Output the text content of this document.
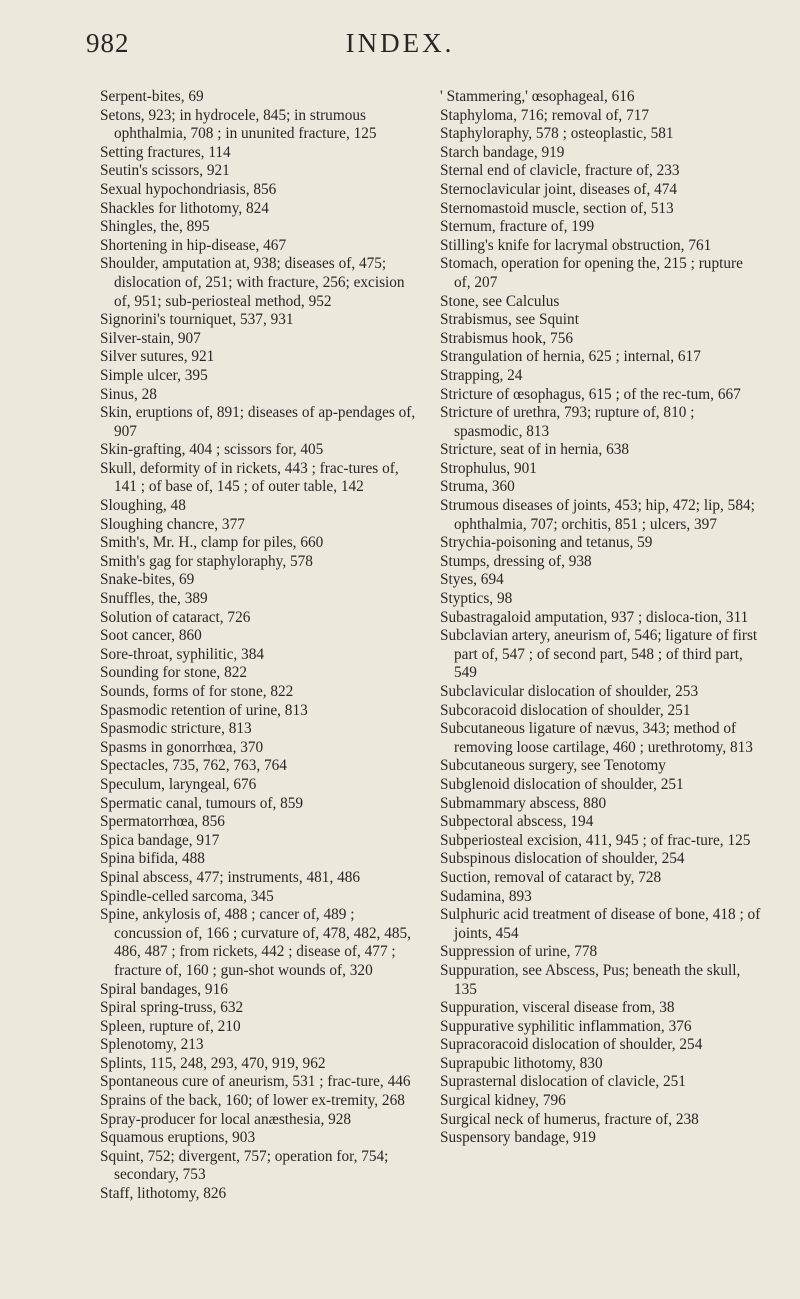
982	INDEX.

Serpent-bites, 69

Setons, 923; in hydrocele, 845; in strumous ophthalmia, 708 ; in ununited fracture, 125

Setting fractures, 114

Seutin's scissors, 921

Sexual hypochondriasis, 856

Shackles for lithotomy, 824

Shingles, the, 895

Shortening in hip-disease, 467

Shoulder, amputation at, 938; diseases of, 475; dislocation of, 251; with fracture, 256; excision of, 951; sub-periosteal method, 952

Signorini's tourniquet, 537, 931

Silver-stain, 907

Silver sutures, 921

Simple ulcer, 395

Sinus, 28

Skin, eruptions of, 891; diseases of ap-pendages of, 907

Skin-grafting, 404 ; scissors for, 405

Skull, deformity of in rickets, 443 ; frac-tures of, 141 ; of base of, 145 ; of outer table, 142

Sloughing, 48

Sloughing chancre, 377

Smith's, Mr. H., clamp for piles, 660

Smith's gag for staphyloraphy, 578

Snake-bites, 69

Snuffles, the, 389

Solution of cataract, 726

Soot cancer, 860

Sore-throat, syphilitic, 384

Sounding for stone, 822

Sounds, forms of for stone, 822

Spasmodic retention of urine, 813

Spasmodic stricture, 813

Spasms in gonorrhœa, 370

Spectacles, 735, 762, 763, 764

Speculum, laryngeal, 676

Spermatic canal, tumours of, 859

Spermatorrhœa, 856

Spica bandage, 917

Spina bifida, 488

Spinal abscess, 477; instruments, 481, 486

Spindle-celled sarcoma, 345

Spine, ankylosis of, 488 ; cancer of, 489 ; concussion of, 166 ; curvature of, 478, 482, 485, 486, 487 ; from rickets, 442 ; disease of, 477 ; fracture of, 160 ; gun-shot wounds of, 320

Spiral bandages, 916

Spiral spring-truss, 632

Spleen, rupture of, 210

Splenotomy, 213

Splints, 115, 248, 293, 470, 919, 962

Spontaneous cure of aneurism, 531 ; frac-ture, 446

Sprains of the back, 160; of lower ex-tremity, 268

Spray-producer for local anæsthesia, 928

Squamous eruptions, 903

Squint, 752; divergent, 757; operation for, 754; secondary, 753

Staff, lithotomy, 826

' Stammering,' œsophageal, 616

Staphyloma, 716; removal of, 717

Staphyloraphy, 578 ; osteoplastic, 581

Starch bandage, 919

Sternal end of clavicle, fracture of, 233

Sternoclavicular joint, diseases of, 474

Sternomastoid muscle, section of, 513

Sternum, fracture of, 199

Stilling's knife for lacrymal obstruction, 761

Stomach, operation for opening the, 215 ; rupture of, 207

Stone, see Calculus

Strabismus, see Squint

Strabismus hook, 756

Strangulation of hernia, 625 ; internal, 617

Strapping, 24

Stricture of œsophagus, 615 ; of the rec-tum, 667

Stricture of urethra, 793; rupture of, 810 ; spasmodic, 813

Stricture, seat of in hernia, 638

Strophulus, 901

Struma, 360

Strumous diseases of joints, 453; hip, 472; lip, 584; ophthalmia, 707; orchitis, 851 ; ulcers, 397

Strychia-poisoning and tetanus, 59

Stumps, dressing of, 938

Styes, 694

Styptics, 98

Subastragaloid amputation, 937 ; disloca-tion, 311

Subclavian artery, aneurism of, 546; ligature of first part of, 547 ; of second part, 548 ; of third part, 549

Subclavicular dislocation of shoulder, 253

Subcoracoid dislocation of shoulder, 251

Subcutaneous ligature of nævus, 343; method of removing loose cartilage, 460 ; urethrotomy, 813

Subcutaneous surgery, see Tenotomy

Subglenoid dislocation of shoulder, 251

Submammary abscess, 880

Subpectoral abscess, 194

Subperiosteal excision, 411, 945 ; of frac-ture, 125

Subspinous dislocation of shoulder, 254

Suction, removal of cataract by, 728

Sudamina, 893

Sulphuric acid treatment of disease of bone, 418 ; of joints, 454

Suppression of urine, 778

Suppuration, see Abscess, Pus; beneath the skull, 135

Suppuration, visceral disease from, 38

Suppurative syphilitic inflammation, 376

Supracoracoid dislocation of shoulder, 254

Suprapubic lithotomy, 830

Suprasternal dislocation of clavicle, 251

Surgical kidney, 796

Surgical neck of humerus, fracture of, 238

Suspensory bandage, 919
